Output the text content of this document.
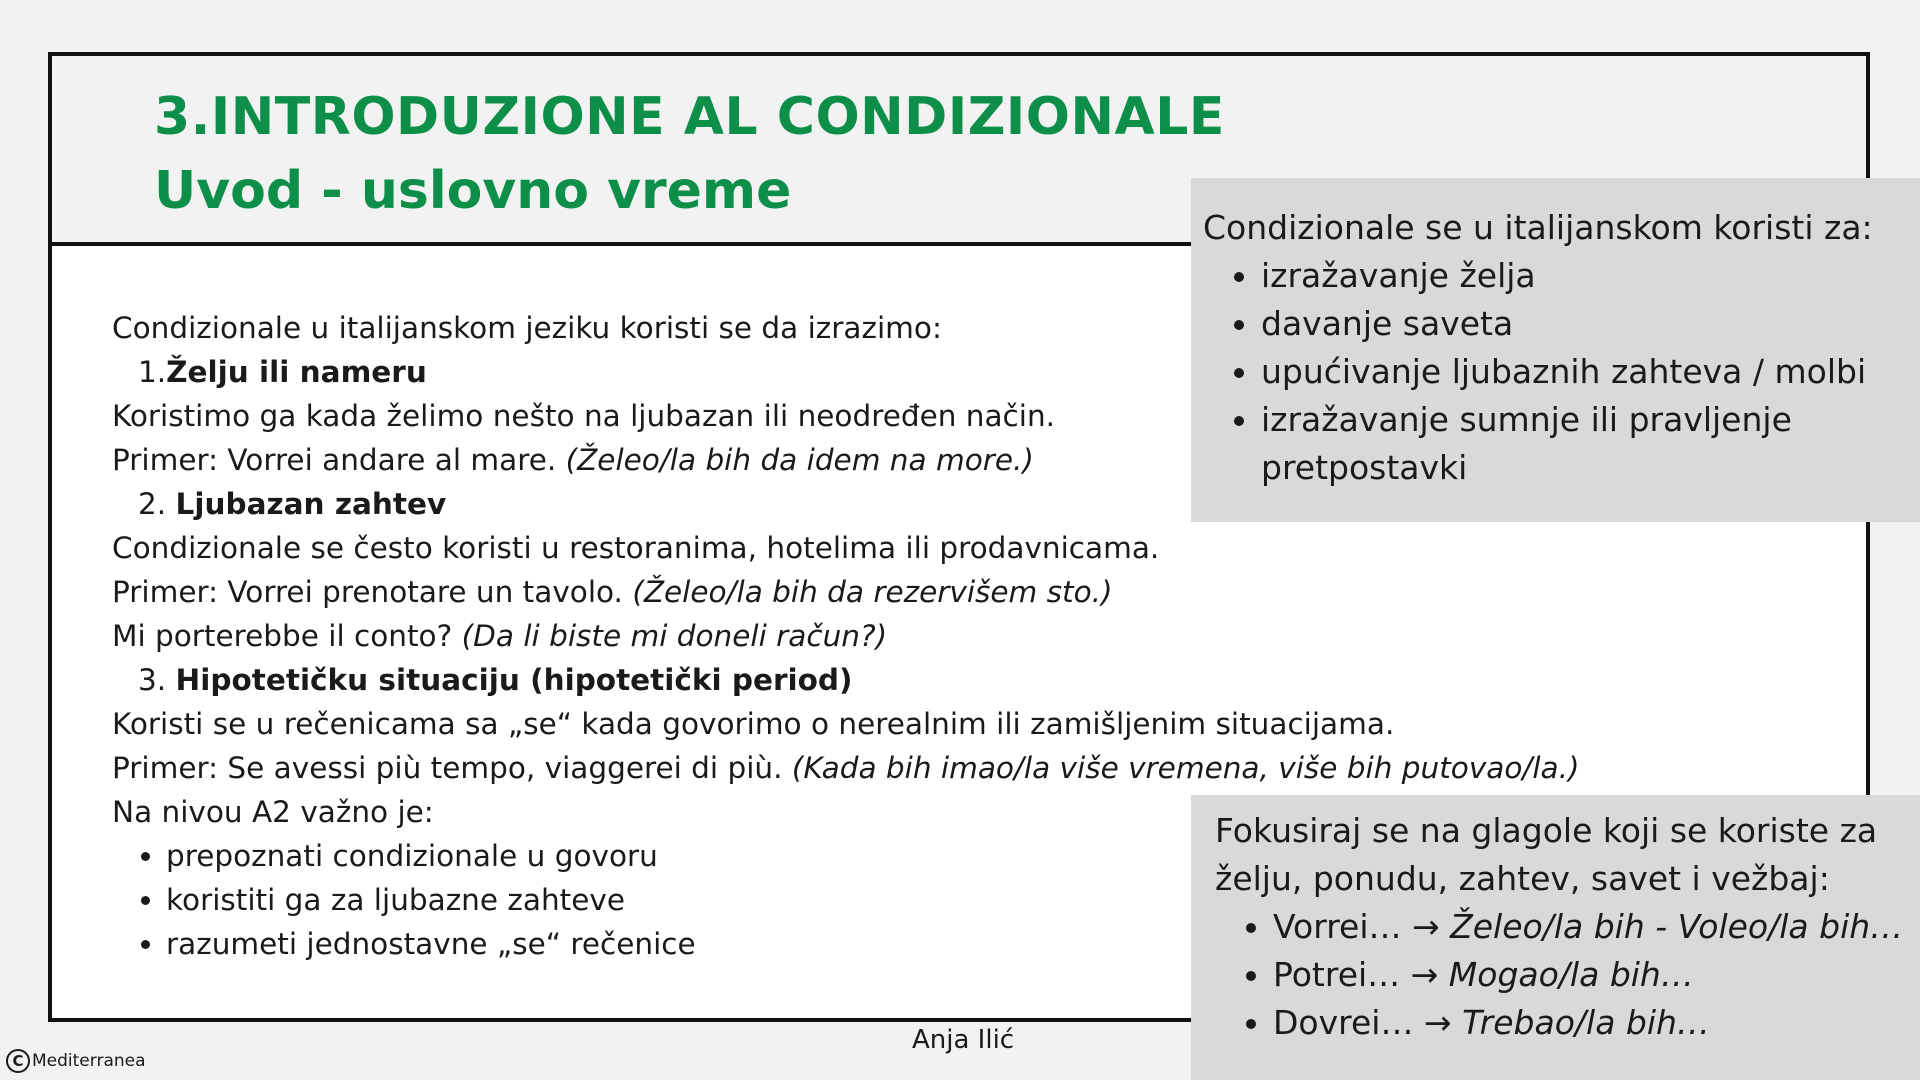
3.INTRODUZIONE AL CONDIZIONALE
Uvod - uslovno vreme

Condizionale u italijanskom jeziku koristi se da izrazimo:

1.Želju ili nameru

Koristimo ga kada želimo nešto na ljubazan ili neodređen način.

Primer: Vorrei andare al mare. (Želeo/la bih da idem na more.)

2. Ljubazan zahtev

Condizionale se često koristi u restoranima, hotelima ili prodavnicama.

Primer: Vorrei prenotare un tavolo. (Želeo/la bih da rezervišem sto.)

Mi porterebbe il conto? (Da li biste mi doneli račun?)

3. Hipotetičku situaciju (hipotetički period)

Koristi se u rečenicama sa „se“ kada govorimo o nerealnim ili zamišljenim situacijama.

Primer: Se avessi più tempo, viaggerei di più. (Kada bih imao/la više vremena, više bih putovao/la.)

Na nivou A2 važno je:

• prepoznati condizionale u govoru
• koristiti ga za ljubazne zahteve
• razumeti jednostavne „se“ rečenice
Condizionale se u italijanskom koristi za:
• izražavanje želja
• davanje saveta
• upućivanje ljubaznih zahteva / molbi
• izražavanje sumnje ili pravljenje pretpostavki

Fokusiraj se na glagole koji se koriste za želju, ponudu, zahtev, savet i vežbaj:

• Vorrei… → Želeo/la bih - Voleo/la bih…
• Potrei… → Mogao/la bih…
• Dovrei… → Trebao/la bih…
Anja Ilić
C Mediterranea
